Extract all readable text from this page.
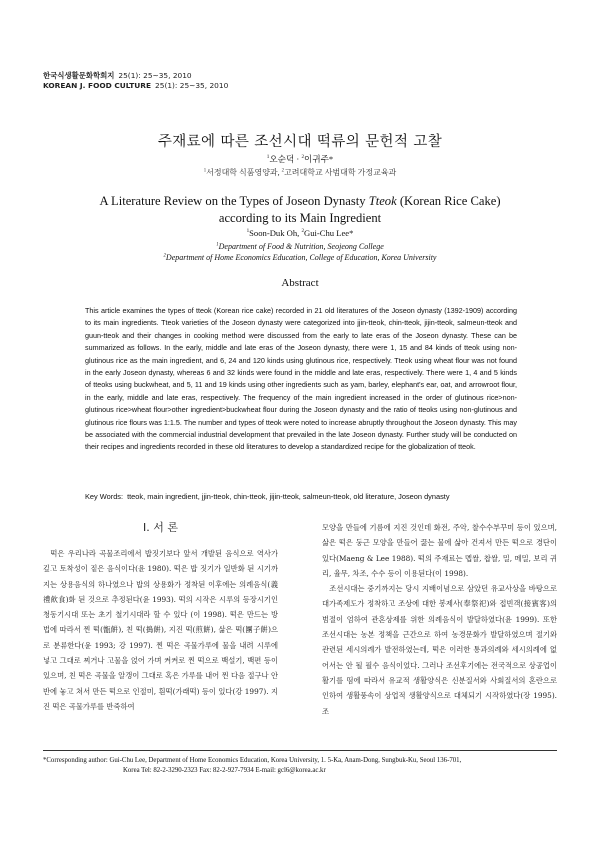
한국식생활문화학회지 25(1): 25~35, 2010
KOREAN J. FOOD CULTURE 25(1): 25~35, 2010
주재료에 따른 조선시대 떡류의 문헌적 고찰
$^1$오순덕 · $^2$이귀주*
$^1$서정대학 식품영양과, $^2$고려대학교 사범대학 가정교육과
A Literature Review on the Types of Joseon Dynasty Tteok (Korean Rice Cake)
according to its Main Ingredient
$^1$Soon-Duk Oh, $^2$Gui-Chu Lee*
$^1$Department of Food & Nutrition, Seojeong College
$^2$Department of Home Economics Education, College of Education, Korea University
Abstract
This article examines the types of tteok (Korean rice cake) recorded in 21 old literatures of the Joseon dynasty (1392-1909) according to its main ingredients. Tteok varieties of the Joseon dynasty were categorized into jjin-tteok, chin-tteok, jijin-tteok, salmeun-tteok and guun-tteok and their changes in cooking method were discussed from the early to late eras of the Joseon dynasty. These can be summarized as follows. In the early, middle and late eras of the Joseon dynasty, there were 1, 15 and 84 kinds of tteok using non-glutinous rice as the main ingredient, and 6, 24 and 120 kinds using glutinous rice, respectively. Tteok using wheat flour was not found in the early Joseon dynasty, whereas 6 and 32 kinds were found in the middle and late eras, respectively. There were 1, 4 and 5 kinds of tteoks using buckwheat, and 5, 11 and 19 kinds using other ingredients such as yam, barley, elephant's ear, oat, and arrowroot flour, in the early, middle and late eras, respectively. The frequency of the main ingredient increased in the order of glutinous rice>non-glutinous rice>wheat flour>other ingredient>buckwheat flour during the Joseon dynasty and the ratio of tteoks using non-glutinous and glutinous rice flours was 1:1.5. The number and types of tteok were noted to increase abruptly throughout the Joseon dynasty. This may be associated with the commercial industrial development that prevailed in the late Joseon dynasty. Further study will be conducted on their recipes and ingredients recorded in these old literatures to develop a standardized recipe for the globalization of tteok.
Key Words: tteok, main ingredient, jjin-tteok, chin-tteok, jijin-tteok, salmeun-tteok, old literature, Joseon dynasty
Ⅰ. 서 론

떡은 우리나라 곡물조리에서 밥짓기보다 앞서 개발된 음식으로 역사가 깊고 토착성이 짙은 음식이다(윤 1980). 떡은 밥 짓기가 일반화 된 시기까지는 상용음식의 하나였으나 밥의 상용화가 정착된 이후에는 의례음식(義禮飮食)화 된 것으로 추정된다(윤 1993). 떡의 시작은 시루의 등장시기인 청동기시대 또는 초기 철기시대라 할 수 있다 (이 1998). 떡은 만드는 방법에 따라서 찐 떡(甑餠), 친 떡(搗餠), 지진 떡(煎餠), 삶은 떡(團子餠)으로 분류한다(윤 1993; 강 1997). 찐 떡은 곡물가루에 물을 내려 시루에 넣고 그대로 찌거나 고물을 얹어 가며 켜켜로 찐 떡으로 백설기, 백편 등이 있으며, 친 떡은 곡물을 알갱이 그대로 혹은 가루를 내어 찐 다음 절구나 안반에 놓고 쳐서 만든 떡으로 인절미, 흰떡(가래떡) 등이 있다(강 1997). 지진 떡은 곡물가루를 반죽하여

모양을 만들에 기름에 지진 것인데 화전, 주악, 찰수수부꾸미 등이 있으며, 삶은 떡은 둥근 모양을 만들어 끓는 물에 삶아 건져서 만든 떡으로 경단이 있다(Maeng & Lee 1988). 떡의 주재료는 멥쌀, 찹쌀, 밀, 메밀, 보리 귀리, 율무, 차조, 수수 등이 이용된다(이 1998).

조선시대는 중기까지는 당시 지배이념으로 삼았던 유교사상을 바탕으로 대가족제도가 정착하고 조상에 대한 봉제사(奉祭祀)와 접빈객(接賓客)의 범절이 엄하여 관혼상제를 위한 의례음식이 발달하였다(윤 1999). 또한 조선시대는 농본 정책을 근간으로 하여 농경문화가 발달하였으며 절기와 관련된 세시의례가 발전하였는데, 떡은 이러한 통과의례와 세시의례에 없어서는 안 될 필수 음식이었다. 그러나 조선후기에는 전국적으로 상공업이 활기를 띰에 따라서 유교적 생활양식은 신분질서와 사회질서의 혼란으로 인하여 생활풍속이 상업적 생활양식으로 대체되기 시작하였다(장 1995). 조

*Corresponding author: Gui-Chu Lee, Department of Home Economics Education, Korea University, 1. 5-Ka, Anam-Dong, Sungbuk-Ku, Seoul 136-701,
Korea Tel: 82-2-3290-2323 Fax: 82-2-927-7934 E-mail: gcl6@korea.ac.kr
